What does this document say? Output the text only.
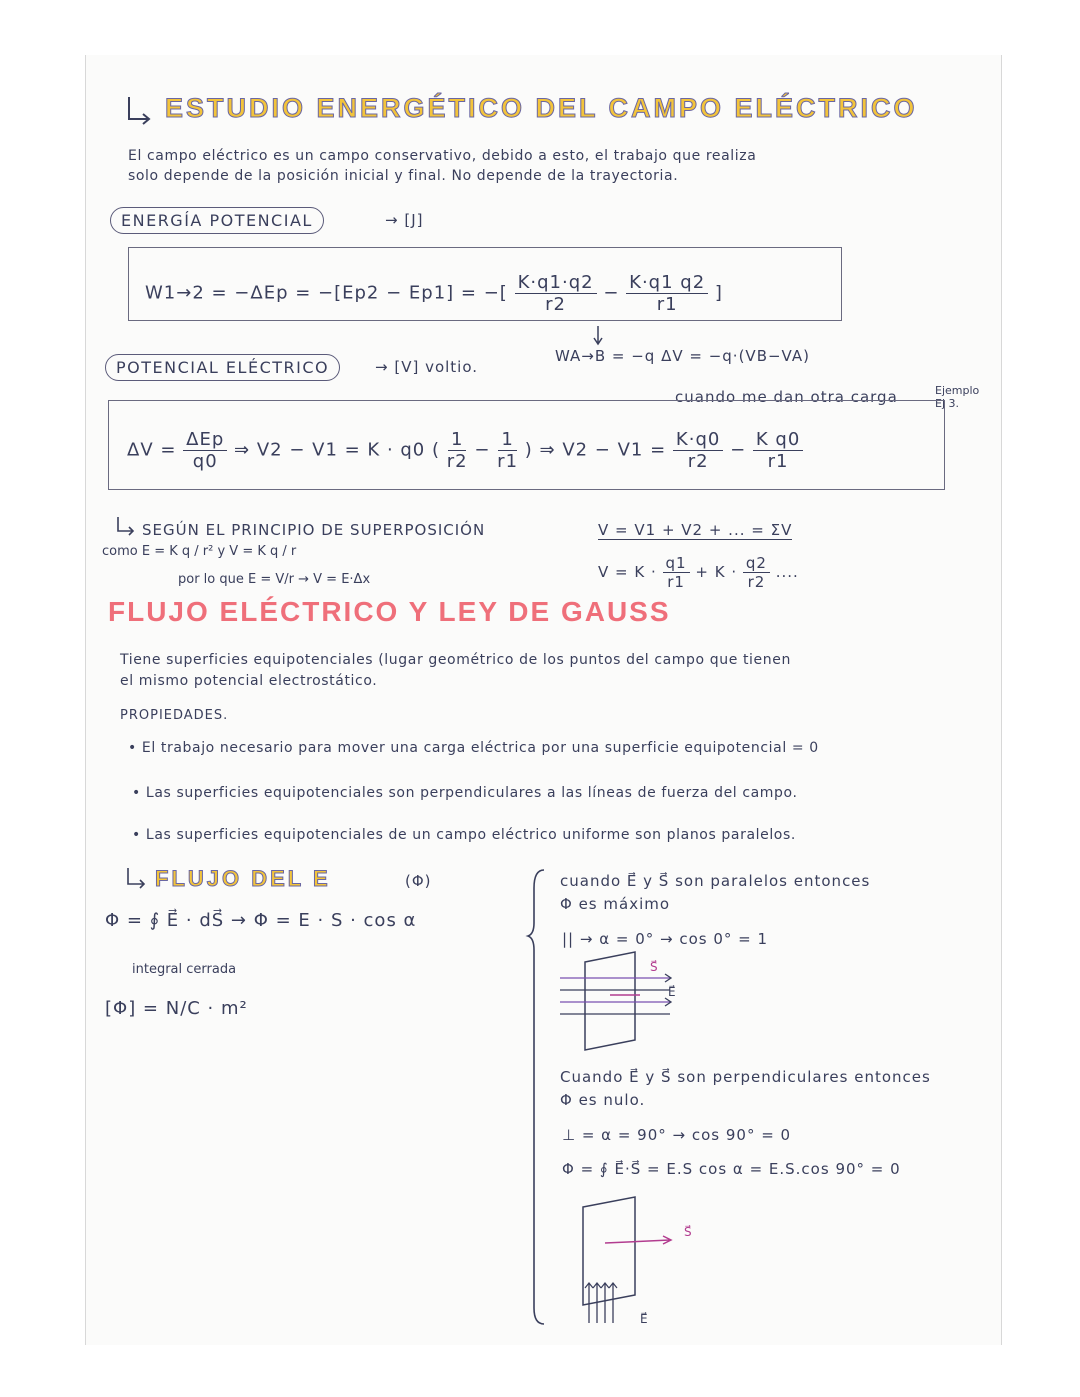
ESTUDIO ENERGÉTICO DEL CAMPO ELÉCTRICO
El campo eléctrico es un campo conservativo, debido a esto, el trabajo que realiza
solo depende de la posición inicial y final. No depende de la trayectoria.
ENERGÍA POTENCIAL	→ [J]
W1→2 = −ΔEp = −[Ep2 − Ep1] = −[ $\frac{K\cdot q1\cdot q2}{r2} - \frac{K\cdot q1 q2}{r1}$ ]
WA→B = −q ΔV = −q·(VB−VA)
POTENCIAL ELÉCTRICO	→ [V] voltio.
cuando me dan otra carga	Ejemplo Ej 3.
$\Delta V = \frac{\text{ΔEp}}{q0}$ ⇒ V2 − V1 = K · q0 ( $\frac{1}{r2} - \frac{1}{r1}$ ) ⇒ $V2 - V1 = \frac{K\cdot q0}{r2} - \frac{\text{K q0}}{r1}$
SEGÚN EL PRINCIPIO DE SUPERPOSICIÓN	V = V1 + V2 + ... = ΣV
como E = K q / r² y V = K q / r
por lo que E = V/r → V = E·Δx	$V = K \cdot \frac{q1}{r1} + K \cdot \frac{q2}{r2}$ ....
FLUJO ELÉCTRICO Y LEY DE GAUSS
Tiene superficies equipotenciales (lugar geométrico de los puntos del campo que tienen
el mismo potencial electrostático.
PROPIEDADES.
• El trabajo necesario para mover una carga eléctrica por una superficie equipotencial = 0
• Las superficies equipotenciales son perpendiculares a las líneas de fuerza del campo.
• Las superficies equipotenciales de un campo eléctrico uniforme son planos paralelos.
FLUJO DEL E	(Φ)
Φ = ∮ E⃗ · dS⃗ → Φ = E · S · cos α
integral cerrada
[Φ] = N/C · m²
cuando E⃗ y S⃗ son paralelos entonces
Φ es máximo
|| → α = 0° → cos 0° = 1
S⃗
E⃗
Cuando E⃗ y S⃗ son perpendiculares entonces
Φ es nulo.
⊥ = α = 90° → cos 90° = 0
Φ = ∮ E⃗·S⃗ = E.S cos α = E.S.cos 90° = 0
S⃗
E⃗
